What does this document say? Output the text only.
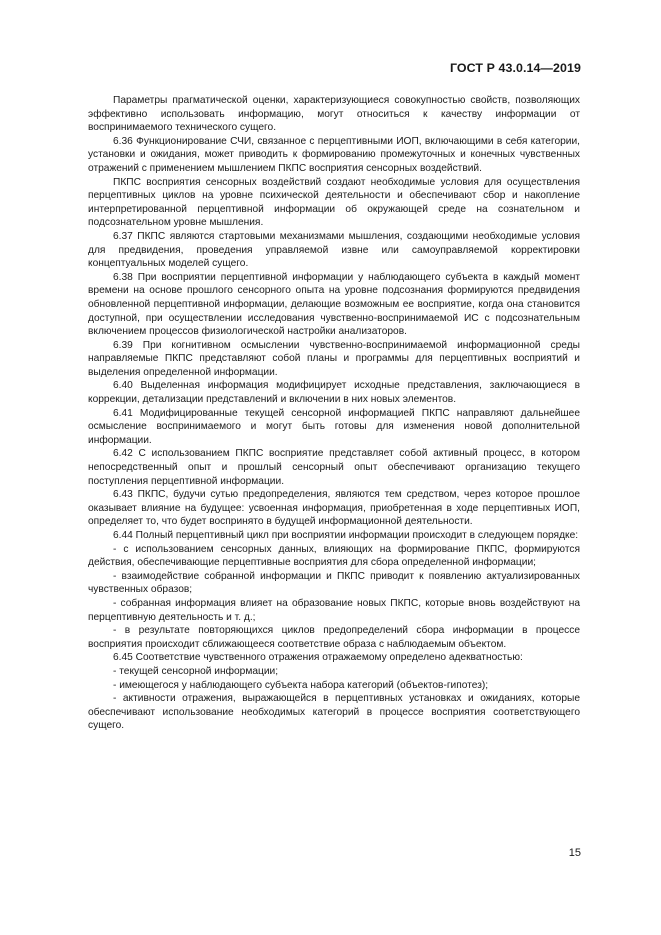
ГОСТ Р 43.0.14—2019

Параметры прагматической оценки, характеризующиеся совокупностью свойств, позволяющих эффективно использовать информацию, могут относиться к качеству информации от воспринимаемого технического сущего.

6.36 Функционирование СЧИ, связанное с перцептивными ИОП, включающими в себя категории, установки и ожидания, может приводить к формированию промежуточных и конечных чувственных отражений с применением мышлением ПКПС восприятия сенсорных воздействий.

ПКПС восприятия сенсорных воздействий создают необходимые условия для осуществления перцептивных циклов на уровне психической деятельности и обеспечивают сбор и накопление интерпретированной перцептивной информации об окружающей среде на сознательном и подсознательном уровне мышления.

6.37 ПКПС являются стартовыми механизмами мышления, создающими необходимые условия для предвидения, проведения управляемой извне или самоуправляемой корректировки концептуальных моделей сущего.

6.38 При восприятии перцептивной информации у наблюдающего субъекта в каждый момент времени на основе прошлого сенсорного опыта на уровне подсознания формируются предвидения обновленной перцептивной информации, делающие возможным ее восприятие, когда она становится доступной, при осуществлении исследования чувственно-воспринимаемой ИС с подсознательным включением процессов физиологической настройки анализаторов.

6.39 При когнитивном осмыслении чувственно-воспринимаемой информационной среды направляемые ПКПС представляют собой планы и программы для перцептивных восприятий и выделения определенной информации.

6.40 Выделенная информация модифицирует исходные представления, заключающиеся в коррекции, детализации представлений и включении в них новых элементов.

6.41 Модифицированные текущей сенсорной информацией ПКПС направляют дальнейшее осмысление воспринимаемого и могут быть готовы для изменения новой дополнительной информации.

6.42 С использованием ПКПС восприятие представляет собой активный процесс, в котором непосредственный опыт и прошлый сенсорный опыт обеспечивают организацию текущего поступления перцептивной информации.

6.43 ПКПС, будучи сутью предопределения, являются тем средством, через которое прошлое оказывает влияние на будущее: усвоенная информация, приобретенная в ходе перцептивных ИОП, определяет то, что будет воспринято в будущей информационной деятельности.

6.44 Полный перцептивный цикл при восприятии информации происходит в следующем порядке:

- с использованием сенсорных данных, влияющих на формирование ПКПС, формируются действия, обеспечивающие перцептивные восприятия для сбора определенной информации;

- взаимодействие собранной информации и ПКПС приводит к появлению актуализированных чувственных образов;

- собранная информация влияет на образование новых ПКПС, которые вновь воздействуют на перцептивную деятельность и т. д.;

- в результате повторяющихся циклов предопределений сбора информации в процессе восприятия происходит сближающееся соответствие образа с наблюдаемым объектом.

6.45 Соответствие чувственного отражения отражаемому определено адекватностью:

- текущей сенсорной информации;

- имеющегося у наблюдающего субъекта набора категорий (объектов-гипотез);

- активности отражения, выражающейся в перцептивных установках и ожиданиях, которые обеспечивают использование необходимых категорий в процессе восприятия соответствующего сущего.

15
